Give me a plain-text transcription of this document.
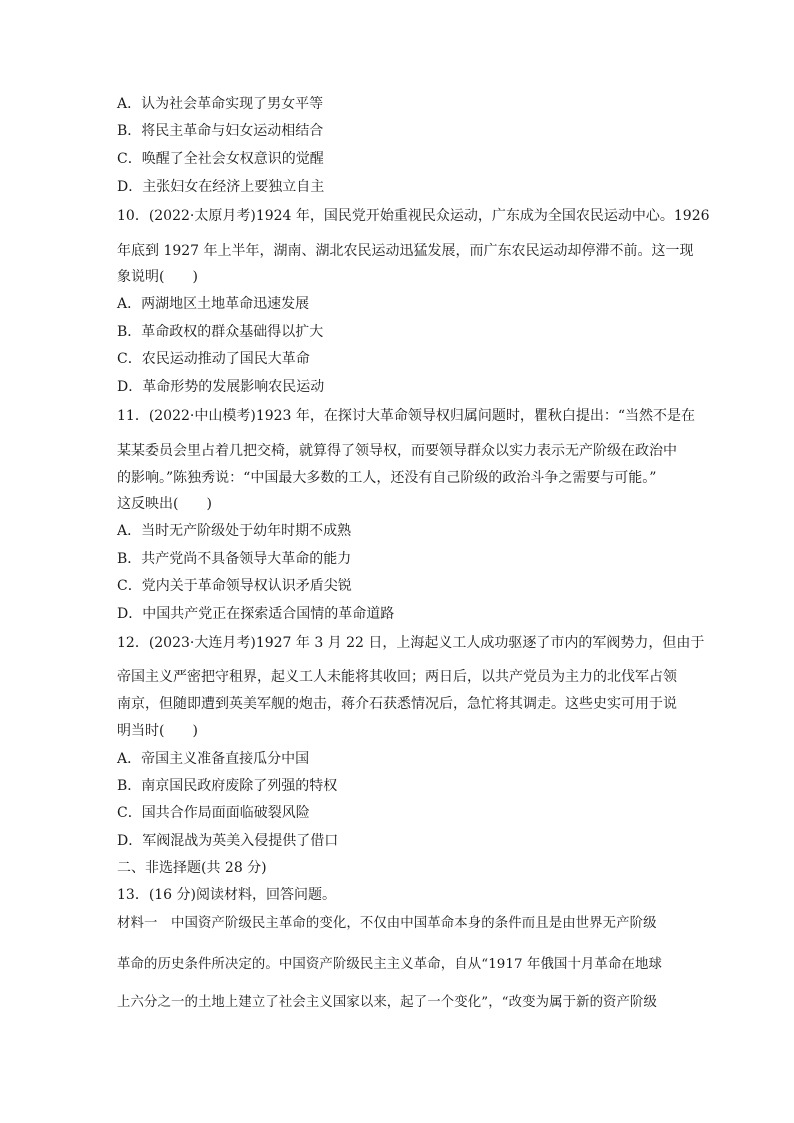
A．认为社会革命实现了男女平等
B．将民主革命与妇女运动相结合
C．唤醒了全社会女权意识的觉醒
D．主张妇女在经济上要独立自主
10．(2022·太原月考)1924 年，国民党开始重视民众运动，广东成为全国农民运动中心。1926
年底到 1927 年上半年，湖南、湖北农民运动迅猛发展，而广东农民运动却停滞不前。这一现
象说明(　　)
A．两湖地区土地革命迅速发展
B．革命政权的群众基础得以扩大
C．农民运动推动了国民大革命
D．革命形势的发展影响农民运动
11．(2022·中山模考)1923 年，在探讨大革命领导权归属问题时，瞿秋白提出：“当然不是在
某某委员会里占着几把交椅，就算得了领导权，而要领导群众以实力表示无产阶级在政治中
的影响。”陈独秀说：“中国最大多数的工人，还没有自己阶级的政治斗争之需要与可能。”
这反映出(　　)
A．当时无产阶级处于幼年时期不成熟
B．共产党尚不具备领导大革命的能力
C．党内关于革命领导权认识矛盾尖锐
D．中国共产党正在探索适合国情的革命道路
12．(2023·大连月考)1927 年 3 月 22 日，上海起义工人成功驱逐了市内的军阀势力，但由于
帝国主义严密把守租界，起义工人未能将其收回；两日后，以共产党员为主力的北伐军占领
南京，但随即遭到英美军舰的炮击，蒋介石获悉情况后，急忙将其调走。这些史实可用于说
明当时(　　)
A．帝国主义准备直接瓜分中国
B．南京国民政府废除了列强的特权
C．国共合作局面面临破裂风险
D．军阀混战为英美入侵提供了借口
二、非选择题(共 28 分)
13．(16 分)阅读材料，回答问题。
材料一　中国资产阶级民主革命的变化，不仅由中国革命本身的条件而且是由世界无产阶级
革命的历史条件所决定的。中国资产阶级民主主义革命，自从“1917 年俄国十月革命在地球
上六分之一的土地上建立了社会主义国家以来，起了一个变化”，“改变为属于新的资产阶级
